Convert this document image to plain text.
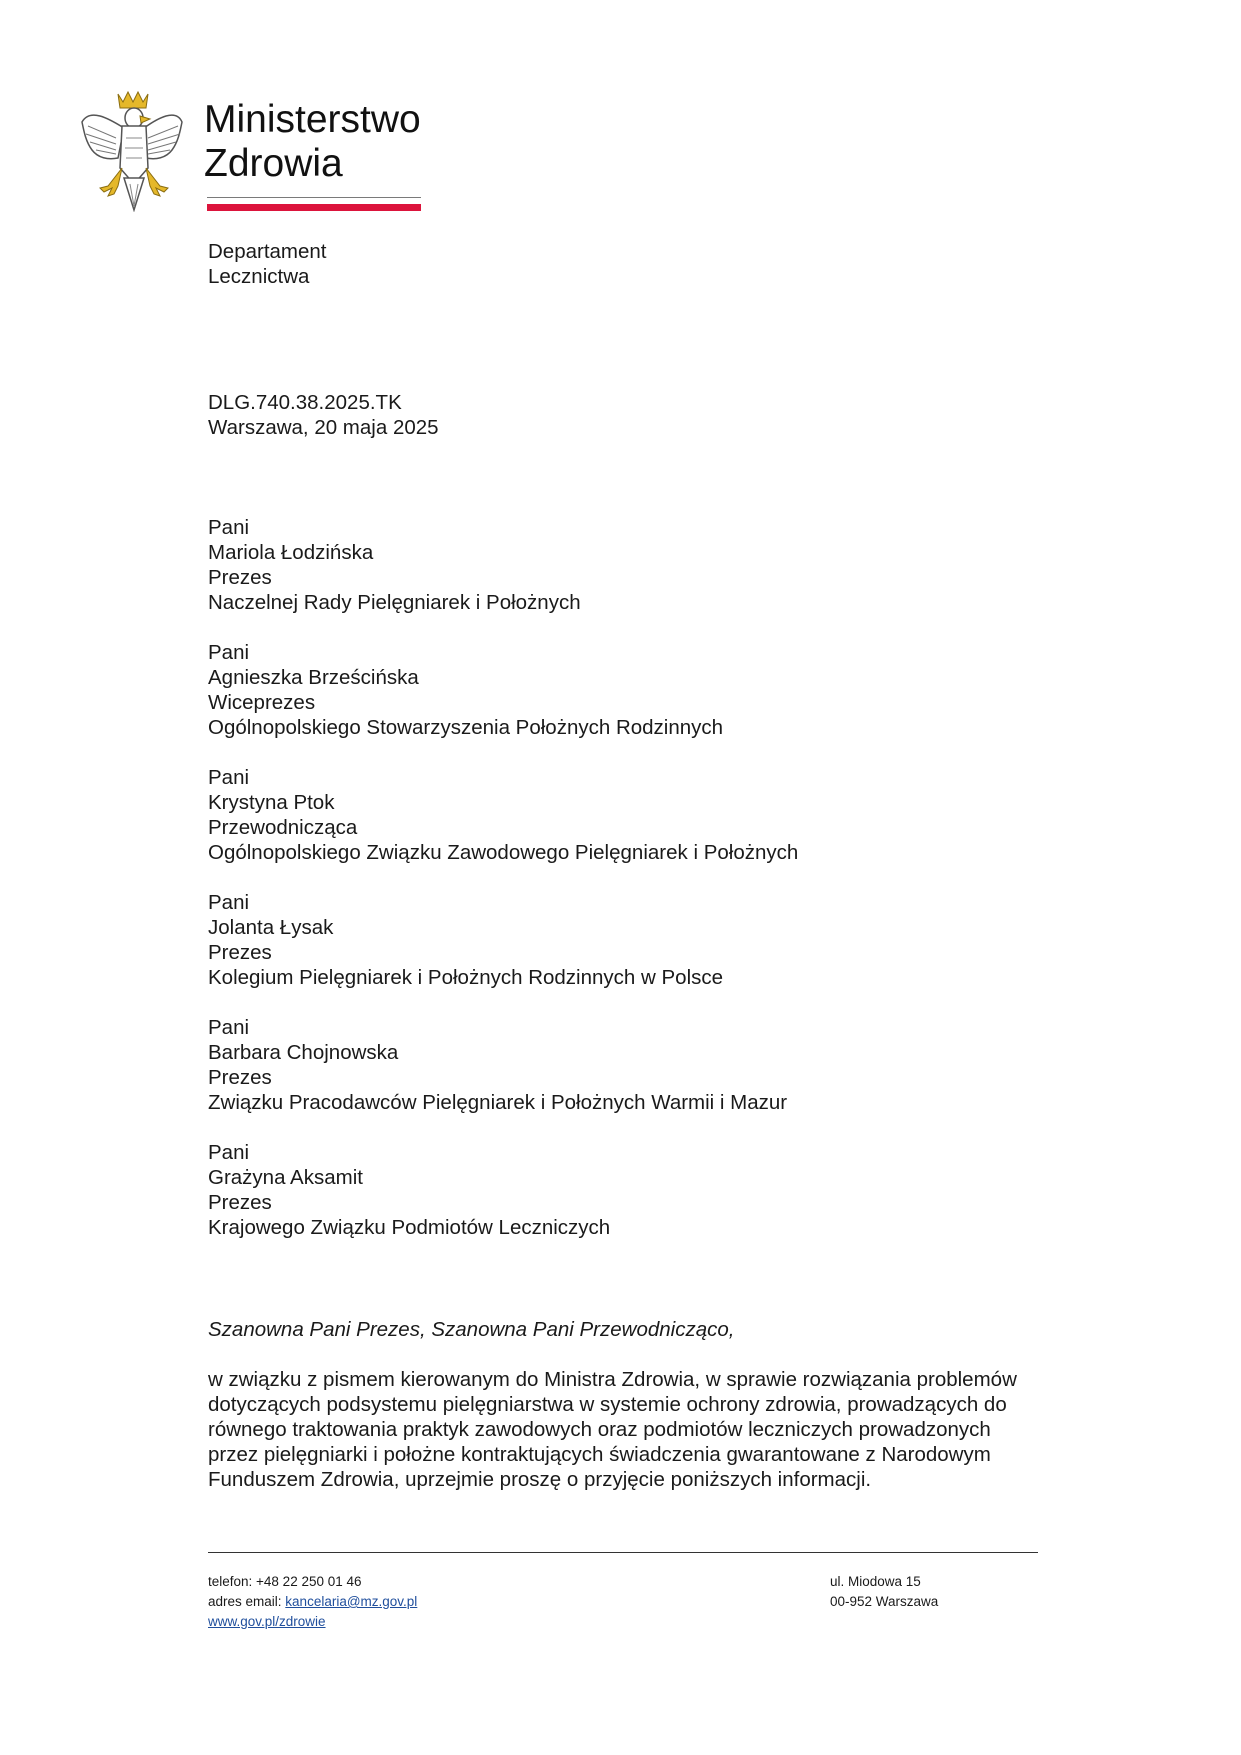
Ministerstwo
Zdrowia
Departament
Lecznictwa
DLG.740.38.2025.TK
Warszawa, 20 maja 2025
Pani
Mariola Łodzińska
Prezes
Naczelnej Rady Pielęgniarek i Położnych
Pani
Agnieszka Brześcińska
Wiceprezes
Ogólnopolskiego Stowarzyszenia Położnych Rodzinnych
Pani
Krystyna Ptok
Przewodnicząca
Ogólnopolskiego Związku Zawodowego Pielęgniarek i Położnych
Pani
Jolanta Łysak
Prezes
Kolegium Pielęgniarek i Położnych Rodzinnych w Polsce
Pani
Barbara Chojnowska
Prezes
Związku Pracodawców Pielęgniarek i Położnych Warmii i Mazur
Pani
Grażyna Aksamit
Prezes
Krajowego Związku Podmiotów Leczniczych
Szanowna Pani Prezes, Szanowna Pani Przewodnicząco,
w związku z pismem kierowanym do Ministra Zdrowia, w sprawie rozwiązania problemów
dotyczących podsystemu pielęgniarstwa w systemie ochrony zdrowia, prowadzących do
równego traktowania praktyk zawodowych oraz podmiotów leczniczych prowadzonych
przez pielęgniarki i położne kontraktujących świadczenia gwarantowane z Narodowym
Funduszem Zdrowia, uprzejmie proszę o przyjęcie poniższych informacji.
telefon: +48 22 250 01 46
adres email: kancelaria@mz.gov.pl
www.gov.pl/zdrowie
ul. Miodowa 15
00-952 Warszawa
